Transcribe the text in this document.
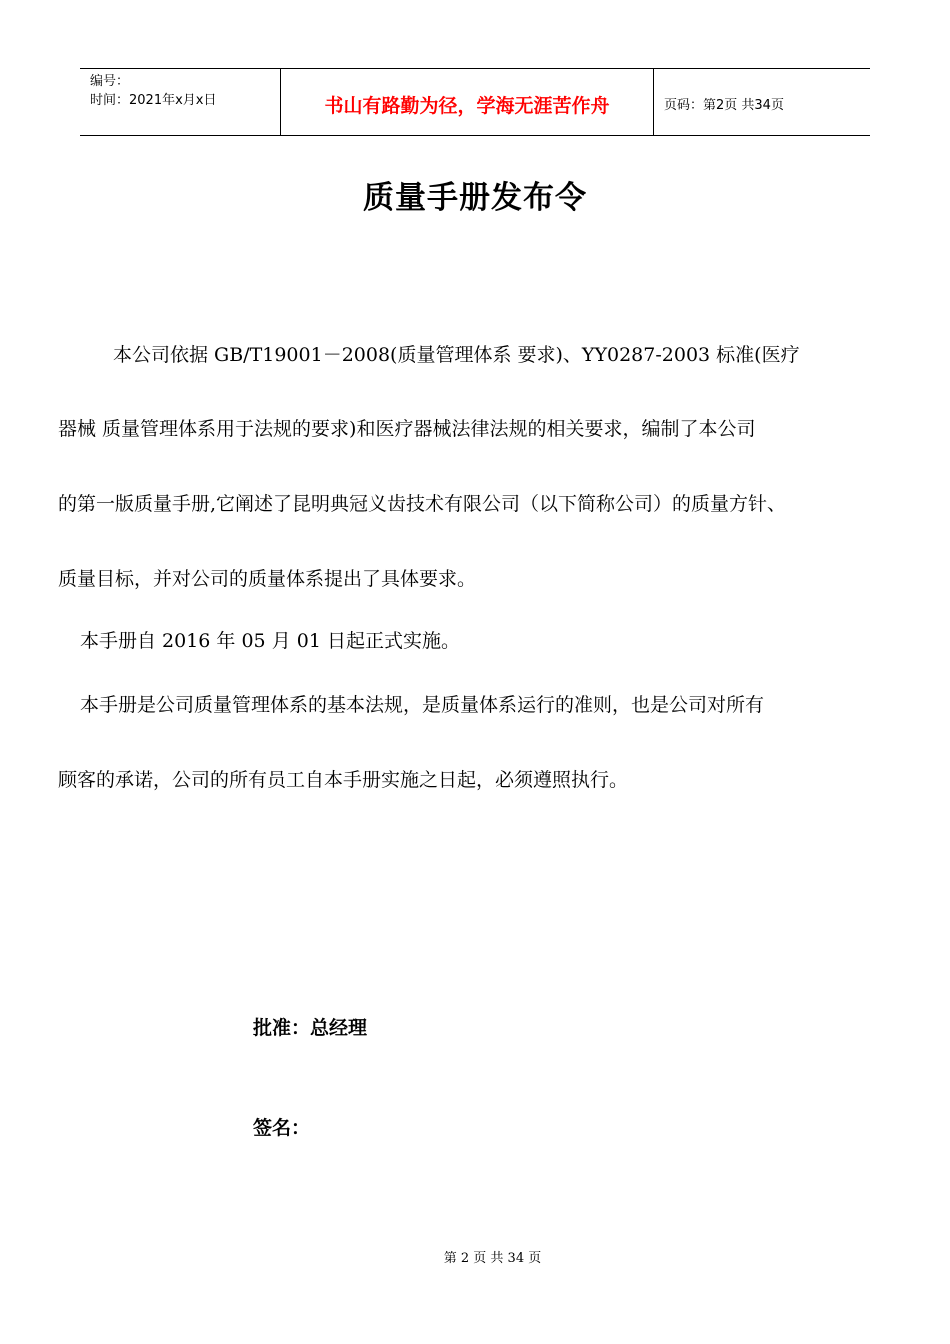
编号：
时间：2021年x月x日	书山有路勤为径，学海无涯苦作舟	页码：第2页 共34页
质量手册发布令
本公司依据 GB/T19001－2008(质量管理体系 要求)、YY0287-2003 标准(医疗
器械 质量管理体系用于法规的要求)和医疗器械法律法规的相关要求，编制了本公司
的第一版质量手册,它阐述了昆明典冠义齿技术有限公司（以下简称公司）的质量方针、
质量目标，并对公司的质量体系提出了具体要求。
本手册自 2016 年 05 月 01 日起正式实施。
本手册是公司质量管理体系的基本法规，是质量体系运行的准则，也是公司对所有
顾客的承诺，公司的所有员工自本手册实施之日起，必须遵照执行。
批准：总经理
签名：
第 2 页 共 34 页
